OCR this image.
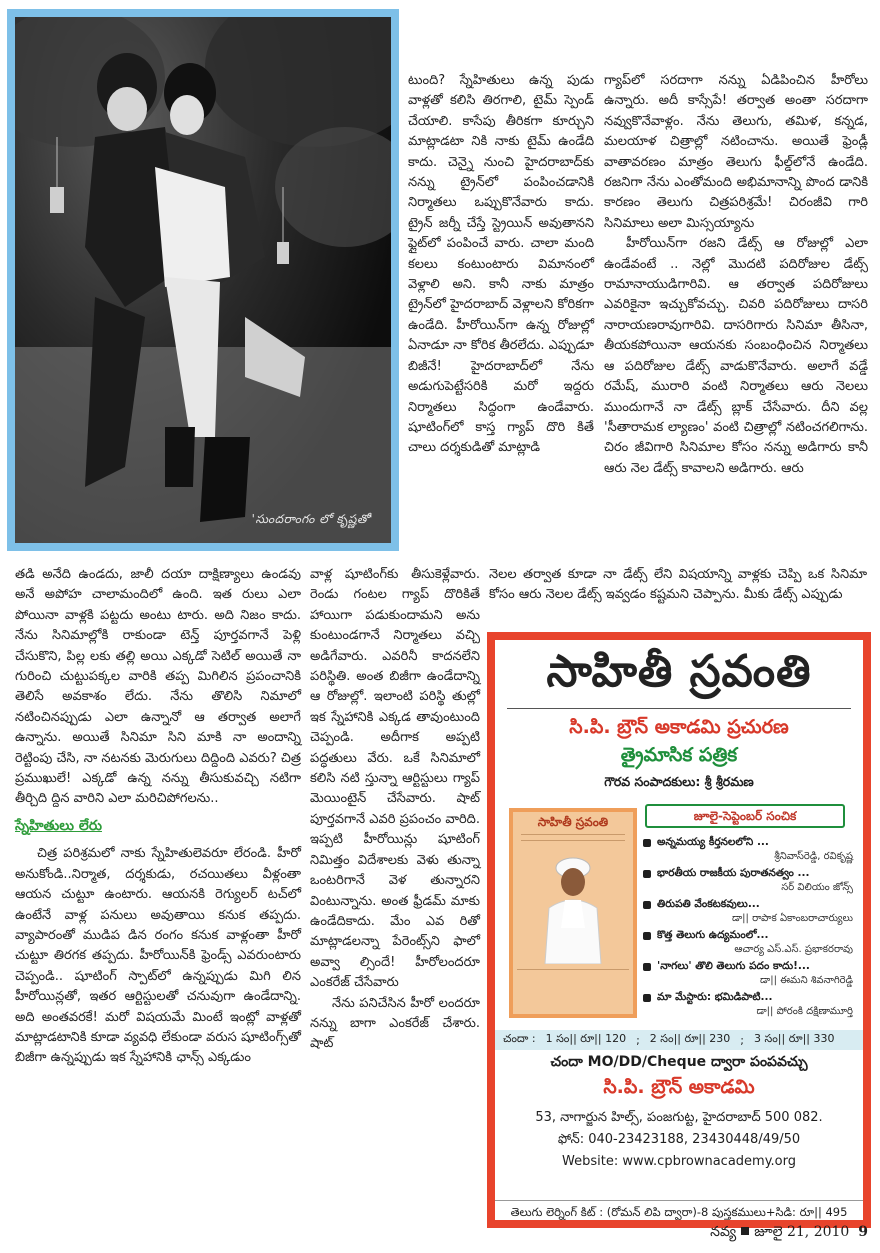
'సుందరాంగం లో కృష్ణతో'

టుంది? స్నేహితులు ఉన్న పుడు వాళ్లతో కలిసి తిరగాలి, టైమ్ స్పెండ్ చేయాలి. కాసేపు తీరికగా కూర్చుని మాట్లాడటా నికి నాకు టైమ్ ఉండేది కాదు. చెన్నై నుంచి హైదరాబాద్‌కు నన్ను ట్రైన్‌లో పంపించడానికి నిర్మాతలు ఒప్పుకొనేవారు కాదు. ట్రైన్ జర్నీ చేస్తే స్ట్రెయిన్ అవుతానని ఫ్లైట్‌లో పంపించే వారు. చాలా మంది కలలు కంటుంటారు విమానంలో వెళ్లాలి అని. కానీ నాకు మాత్రం ట్రైన్‌లో హైదరాబాద్ వెళ్లాలని కోరికగా ఉండేది. హీరోయిన్‌గా ఉన్న రోజుల్లో ఏనాడూ నా కోరిక తీరలేదు. ఎప్పుడూ బిజీనే! హైదరాబాద్‌లో నేను అడుగుపెట్టేసరికి మరో ఇద్దరు నిర్మాతలు సిద్ధంగా ఉండేవారు. షూటింగ్‌లో కాస్త గ్యాప్ దొరి కితే చాలు దర్శకుడితో మాట్లాడి

గ్యాప్‌లో సరదాగా నన్ను ఏడిపించిన హీరోలు ఉన్నారు. అదీ కాస్సేపే! తర్వాత అంతా సరదాగా నవ్వుకొనేవాళ్లం. నేను తెలుగు, తమిళ, కన్నడ, మలయాళ చిత్రాల్లో నటించాను. అయితే ఫ్రెండ్లీ వాతావరణం మాత్రం తెలుగు ఫీల్డ్‌లోనే ఉండేది. రజనిగా నేను ఎంతోమంది అభిమానాన్ని పొంద డానికి కారణం తెలుగు చిత్రపరిశ్రమే! చిరంజీవి గారి సినిమాలు అలా మిస్సయ్యాను

హీరోయిన్‌గా రజని డేట్స్ ఆ రోజుల్లో ఎలా ఉండేవంటే .. నెల్లో మొదటి పదిరోజుల డేట్స్ రామానాయుడిగారివి. ఆ తర్వాత పదిరోజులు ఎవరికైనా ఇచ్చుకోవచ్చు. చివరి పదిరోజులు దాసరి నారాయణరావుగారివి. దాసరిగారు సినిమా తీసినా, తీయకపోయినా ఆయనకు సంబంధించిన నిర్మాతలు ఆ పదిరోజుల డేట్స్ వాడుకొనేవారు. అలాగే వడ్డే రమేష్, మురారి వంటి నిర్మాతలు ఆరు నెలలు ముందుగానే నా డేట్స్ బ్లాక్ చేసేవారు. దీని వల్ల 'సీతారామక ల్యాణం' వంటి చిత్రాల్లో నటించగలిగాను. చిరం జీవిగారి సినిమాల కోసం నన్ను అడిగారు కానీ ఆరు నెల డేట్స్ కావాలని అడిగారు. ఆరు

తడి అనేది ఉండదు, జాలీ దయా దాక్షిణ్యాలు ఉండవు అనే అపోహ చాలామందిలో ఉంది. ఇత రులు ఎలా పోయినా వాళ్లకి పట్టదు అంటు టారు. అది నిజం కాదు. నేను సినిమాల్లోకి రాకుండా టెన్త్ పూర్తవగానే పెళ్లి చేసుకొని, పిల్ల లకు తల్లి అయి ఎక్కడో సెటిల్ అయితే నా గురించి చుట్టుపక్కల వారికి తప్ప మిగిలిన ప్రపంచానికి తెలిసే అవకాశం లేదు. నేను తొలిసి నిమాలో నటించినప్పుడు ఎలా ఉన్నానో ఆ తర్వాత అలాగే ఉన్నాను. అయితే సినిమా సిని మాకి నా అందాన్ని రెట్టింపు చేసి, నా నటనకు మెరుగులు దిద్దింది ఎవరు? చిత్ర ప్రముఖులే! ఎక్కడో ఉన్న నన్ను తీసుకువచ్చి నటిగా తీర్చిది ద్దిన వారిని ఎలా మరిచిపోగలను..

స్నేహితులు లేరు

చిత్ర పరిశ్రమలో నాకు స్నేహితులెవరూ లేరండి. హీరో అనుకోండి..నిర్మాత, దర్శకుడు, రచయితలు వీళ్లంతా ఆయన చుట్టూ ఉంటారు. ఆయనకి రెగ్యులర్ టచ్‌లో ఉంటేనే వాళ్ల పనులు అవుతాయి కనుక తప్పదు. వ్యాపారంతో ముడిప డిన రంగం కనుక వాళ్లంతా హీరో చుట్టూ తిరగక తప్పదు. హీరోయిన్‌కి ఫ్రెండ్స్ ఎవరుంటారు చెప్పండి.. షూటింగ్ స్పాట్‌లో ఉన్నప్పుడు మిగి లిన హీరోయిన్లతో, ఇతర ఆర్టిస్టులతో చనువుగా ఉండేదాన్ని. అది అంతవరకే! మరో విషయమే మింటే ఇంట్లో వాళ్లతో మాట్లాడటానికి కూడా వ్యవధి లేకుండా వరుస షూటింగ్స్‌తో బిజీగా ఉన్నప్పుడు ఇక స్నేహానికి ఛాన్స్ ఎక్కడుం

వాళ్ల షూటింగ్‌కు తీసుకెళ్లేవారు. రెండు గంటల గ్యాప్ దొరికితే హాయిగా పడుకుందామని అను కుంటుండగానే నిర్మాతలు వచ్చి అడిగేవారు. ఎవరినీ కాదనలేని పరిస్థితి. అంత బిజీగా ఉండేదాన్ని ఆ రోజుల్లో. ఇలాంటి పరిస్థి తుల్లో ఇక స్నేహానికి ఎక్కడ తావుంటుంది చెప్పండి. అదీగాక అప్పటి పద్ధతులు వేరు. ఒకే సినిమాలో కలిసి నటి స్తున్నా ఆర్టిస్టులు గ్యాప్ మెయింటైన్ చేసేవారు. షాట్ పూర్తవగానే ఎవరి ప్రపంచం వారిది. ఇప్పటి హీరోయిన్లు షూటింగ్ నిమిత్తం విదేశాలకు వెళు తున్నా ఒంటరిగానే వెళ తున్నారని వింటున్నాను. అంత ఫ్రీడమ్ మాకు ఉండేదికాదు. మేం ఎవ రితో మాట్లాడలన్నా పేరెంట్స్‌ని ఫాలో అవ్వా ల్సిందే! హీరోలందరూ ఎంకరేజ్ చేసేవారు

నేను పనిచేసిన హీరో లందరూ నన్ను బాగా ఎంకరేజ్ చేశారు. షాట్

నెలల తర్వాత కూడా నా డేట్స్ లేని విషయాన్ని వాళ్లకు చెప్పి ఒక సినిమా కోసం ఆరు నెలల డేట్స్ ఇవ్వడం కష్టమని చెప్పాను. మీకు డేట్స్ ఎప్పుడు

సాహితీ స్రవంతి
సి.పి. బ్రౌన్ అకాడమి ప్రచురణ
త్రైమాసిక పత్రిక
గౌరవ సంపాదకులు: శ్రీ శ్రీరమణ
సాహితీ స్రవంతి	జూలై-సెప్టెంబర్ సంచిక
అన్నమయ్య కీర్తనలలోని ...
శ్రీనివాస్‌రెడ్డి, రవికృష్ణ
భారతీయ రాజకీయ పురాతనత్వం ...
సర్ విలియం జోన్స్
తిరుపతి వేంకటకవులు...
డా|| రాపాక ఏకాంబరాచార్యులు
కొత్త తెలుగు ఉద్యమంలో...
ఆచార్య ఎస్.ఎస్. ప్రభాకరరావు
'నాగలు' తొలి తెలుగు పదం కాదు!...
డా|| ఈమని శివనాగిరెడ్డి
మా మేస్టారు: భమిడిపాటి...
డా|| పోరంకి దక్షిణామూర్తి
చందా : 1 సం|| రూ|| 120 ; 2 సం|| రూ|| 230 ; 3 సం|| రూ|| 330
చందా MO/DD/Cheque ద్వారా పంపవచ్చు
సి.పి. బ్రౌన్ అకాడమి
53, నాగార్జున హిల్స్, పంజగుట్ట, హైదరాబాద్ 500 082.
ఫోన్: 040-23423188, 23430448/49/50
Website: www.cpbrownacademy.org
తెలుగు లెర్నింగ్ కిట్ : (రోమన్ లిపి ద్వారా)-8 పుస్తకములు+సిడి: రూ|| 495
నవ్య జూలై 21, 2010 9
